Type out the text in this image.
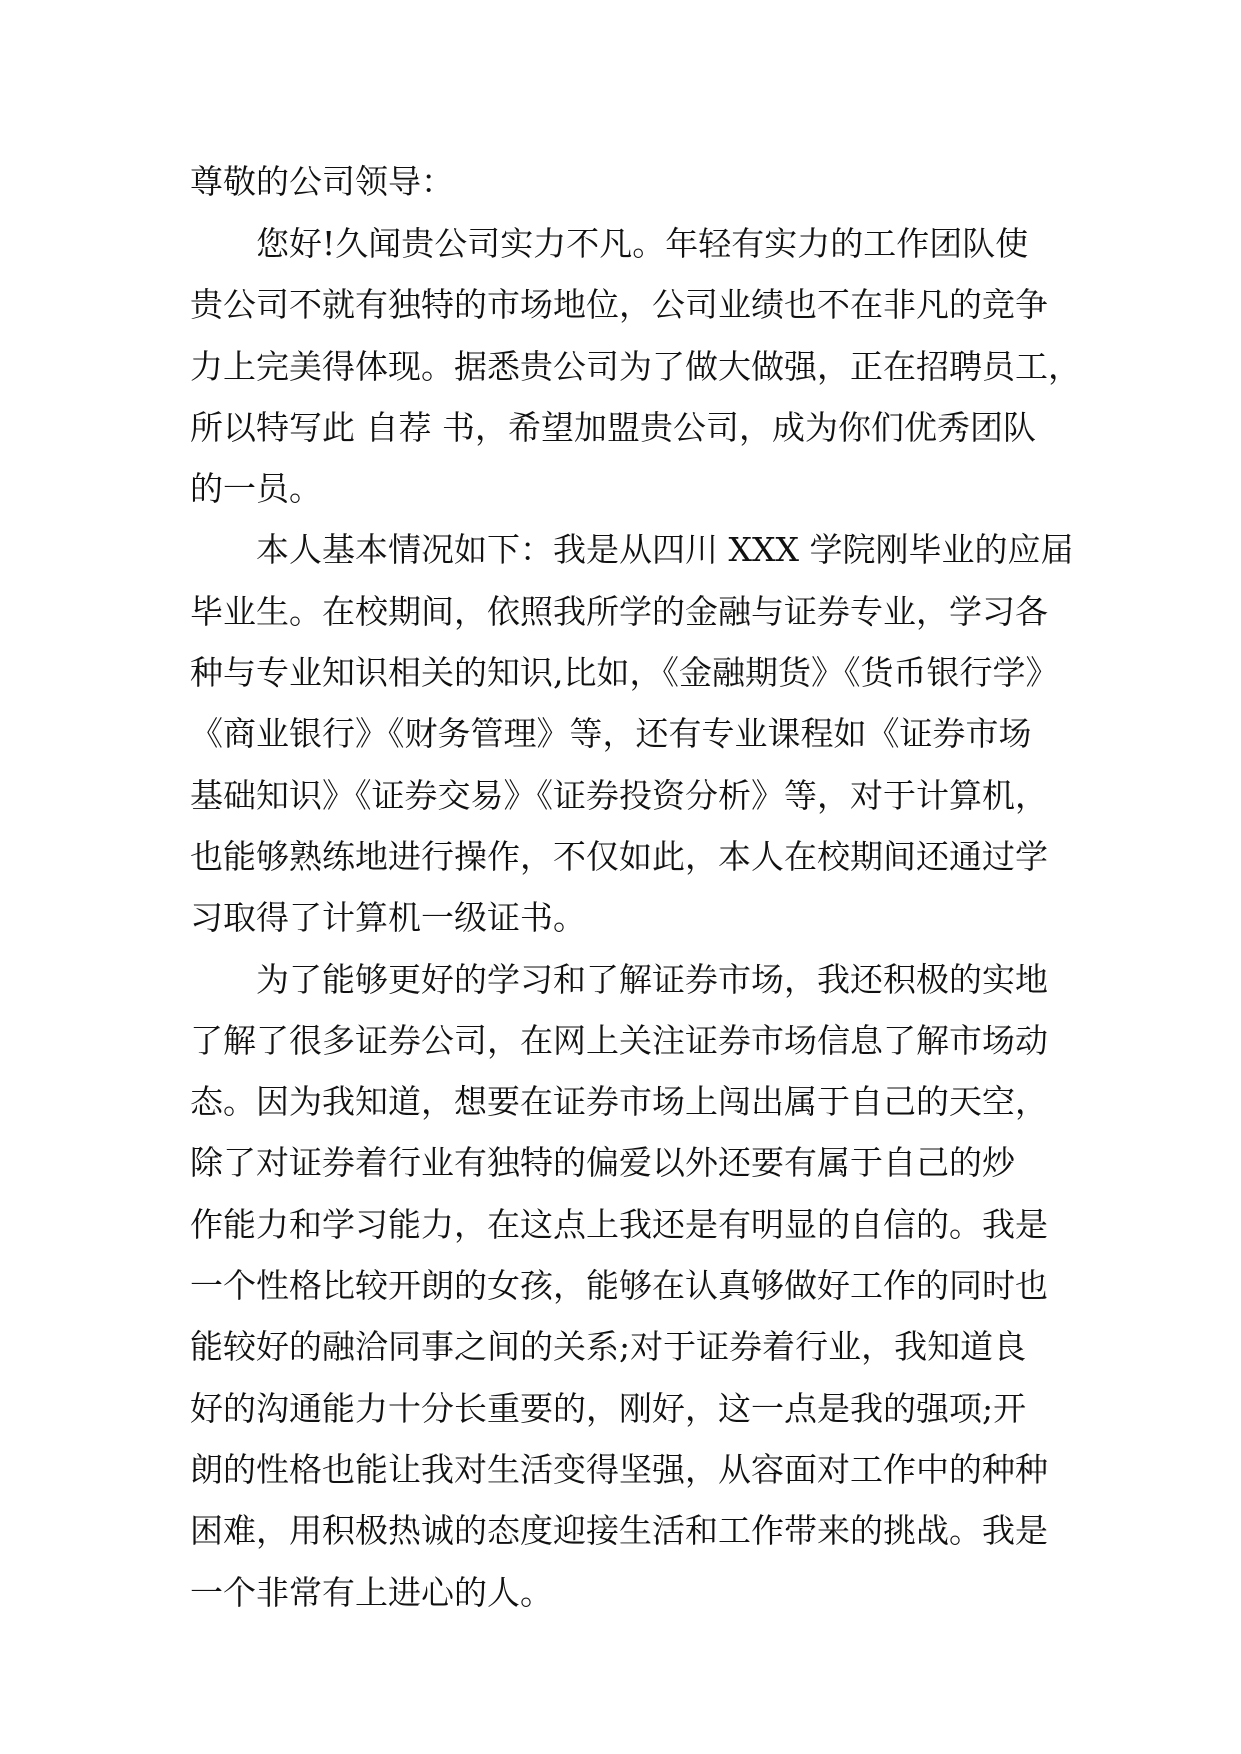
尊敬的公司领导：
您好!久闻贵公司实力不凡。年轻有实力的工作团队使
贵公司不就有独特的市场地位，公司业绩也不在非凡的竞争
力上完美得体现。据悉贵公司为了做大做强，正在招聘员工，
所以特写此 自荐 书，希望加盟贵公司，成为你们优秀团队
的一员。
本人基本情况如下：我是从四川 XXX 学院刚毕业的应届
毕业生。在校期间，依照我所学的金融与证券专业，学习各
种与专业知识相关的知识,比如，《金融期货》《货币银行学》
《商业银行》《财务管理》等，还有专业课程如《证券市场
基础知识》《证券交易》《证券投资分析》等，对于计算机，
也能够熟练地进行操作，不仅如此，本人在校期间还通过学
习取得了计算机一级证书。
为了能够更好的学习和了解证券市场，我还积极的实地
了解了很多证券公司，在网上关注证券市场信息了解市场动
态。因为我知道，想要在证券市场上闯出属于自己的天空，
除了对证券着行业有独特的偏爱以外还要有属于自己的炒
作能力和学习能力，在这点上我还是有明显的自信的。我是
一个性格比较开朗的女孩，能够在认真够做好工作的同时也
能较好的融洽同事之间的关系;对于证券着行业，我知道良
好的沟通能力十分长重要的，刚好，这一点是我的强项;开
朗的性格也能让我对生活变得坚强，从容面对工作中的种种
困难，用积极热诚的态度迎接生活和工作带来的挑战。我是
一个非常有上进心的人。
